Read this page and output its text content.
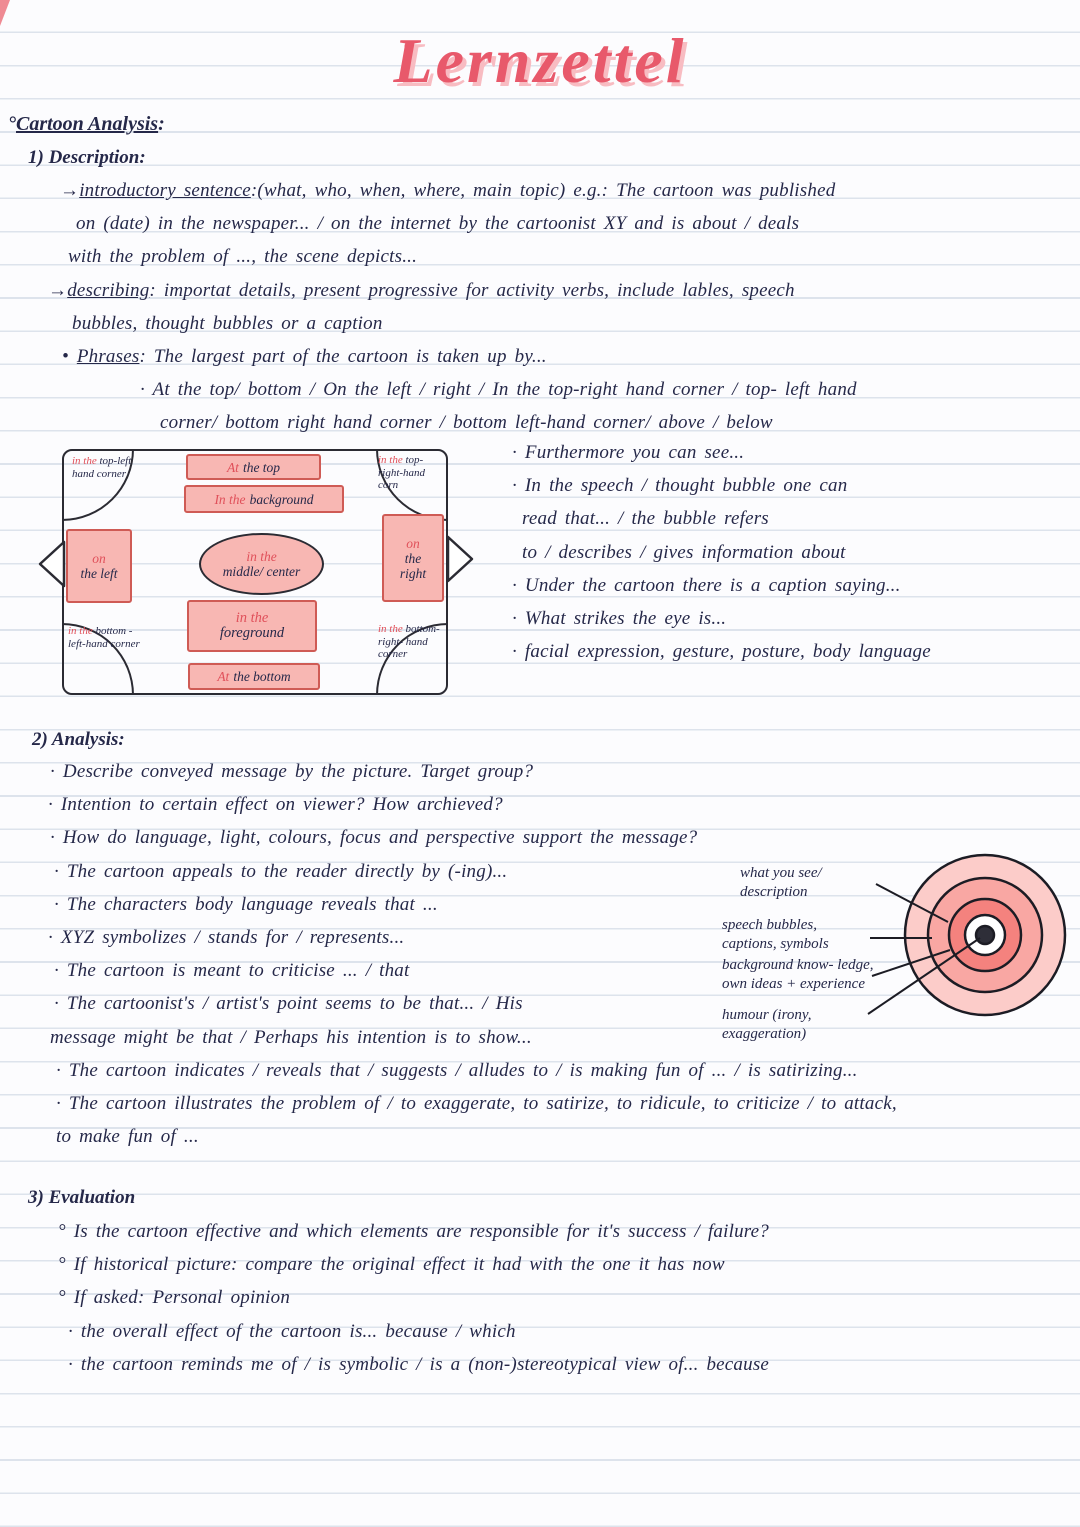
Lernzettel
°Cartoon Analysis:
1) Description:
→introductory sentence:(what, who, when, where, main topic) e.g.: The cartoon was published
on (date) in the newspaper... / on the internet by the cartoonist XY and is about / deals
with the problem of ..., the scene depicts...
→describing: importat details, present progressive for activity verbs, include lables, speech
bubbles, thought bubbles or a caption
• Phrases: The largest part of the cartoon is taken up by...
· At the top/ bottom / On the left / right / In the top-right hand corner / top- left hand
corner/ bottom right hand corner / bottom left-hand corner/ above / below
in the top-left hand corner	At the top	in the top-right-hand corn
In the background
on
the left
in the
middle/ center
on
the right
in the
foreground
At the bottom
in the bottom - left-hand corner
in the bottom- right- hand corner
· Furthermore you can see...
· In the speech / thought bubble one can
read that... / the bubble refers
to / describes / gives information about
· Under the cartoon there is a caption saying...
· What strikes the eye is...
· facial expression, gesture, posture, body language
2) Analysis:
· Describe conveyed message by the picture. Target group?
· Intention to certain effect on viewer? How archieved?
· How do language, light, colours, focus and perspective support the message?
· The cartoon appeals to the reader directly by (-ing)...
· The characters body language reveals that ...
· XYZ symbolizes / stands for / represents...
· The cartoon is meant to criticise ... / that
· The cartoonist's / artist's point seems to be that... / His
message might be that / Perhaps his intention is to show...
· The cartoon indicates / reveals that / suggests / alludes to / is making fun of ... / is satirizing...
· The cartoon illustrates the problem of / to exaggerate, to satirize, to ridicule, to criticize / to attack,
to make fun of ...
what you see/ description
speech bubbles, captions, symbols
background know- ledge, own ideas + experience
humour (irony, exaggeration)
3) Evaluation
° Is the cartoon effective and which elements are responsible for it's success / failure?
° If historical picture: compare the original effect it had with the one it has now
° If asked: Personal opinion
· the overall effect of the cartoon is... because / which
· the cartoon reminds me of / is symbolic / is a (non-)stereotypical view of... because
